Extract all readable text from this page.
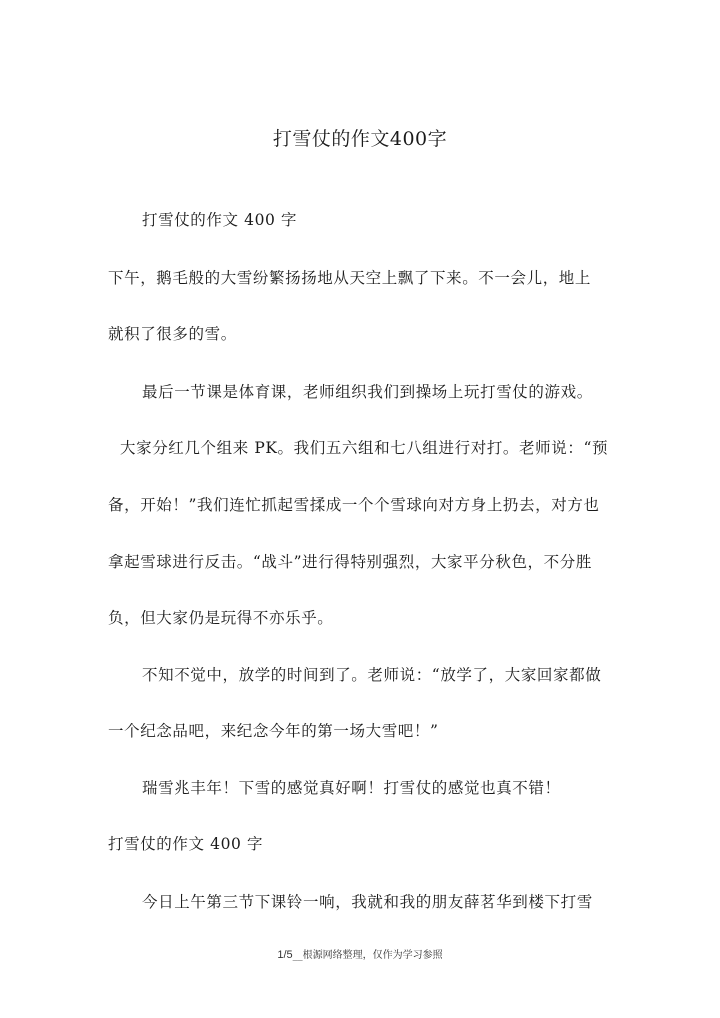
打雪仗的作文400字
打雪仗的作文 400 字
下午，鹅毛般的大雪纷繁扬扬地从天空上飘了下来。不一会儿，地上
就积了很多的雪。
最后一节课是体育课，老师组织我们到操场上玩打雪仗的游戏。
大家分红几个组来 PK。我们五六组和七八组进行对打。老师说：“预
备，开始！”我们连忙抓起雪揉成一个个雪球向对方身上扔去，对方也
拿起雪球进行反击。“战斗”进行得特别强烈，大家平分秋色，不分胜
负，但大家仍是玩得不亦乐乎。
不知不觉中，放学的时间到了。老师说：“放学了，大家回家都做
一个纪念品吧，来纪念今年的第一场大雪吧！”
瑞雪兆丰年！下雪的感觉真好啊！打雪仗的感觉也真不错！
打雪仗的作文 400 字
今日上午第三节下课铃一响，我就和我的朋友薛茗华到楼下打雪
1/5__根源网络整理，仅作为学习参照
